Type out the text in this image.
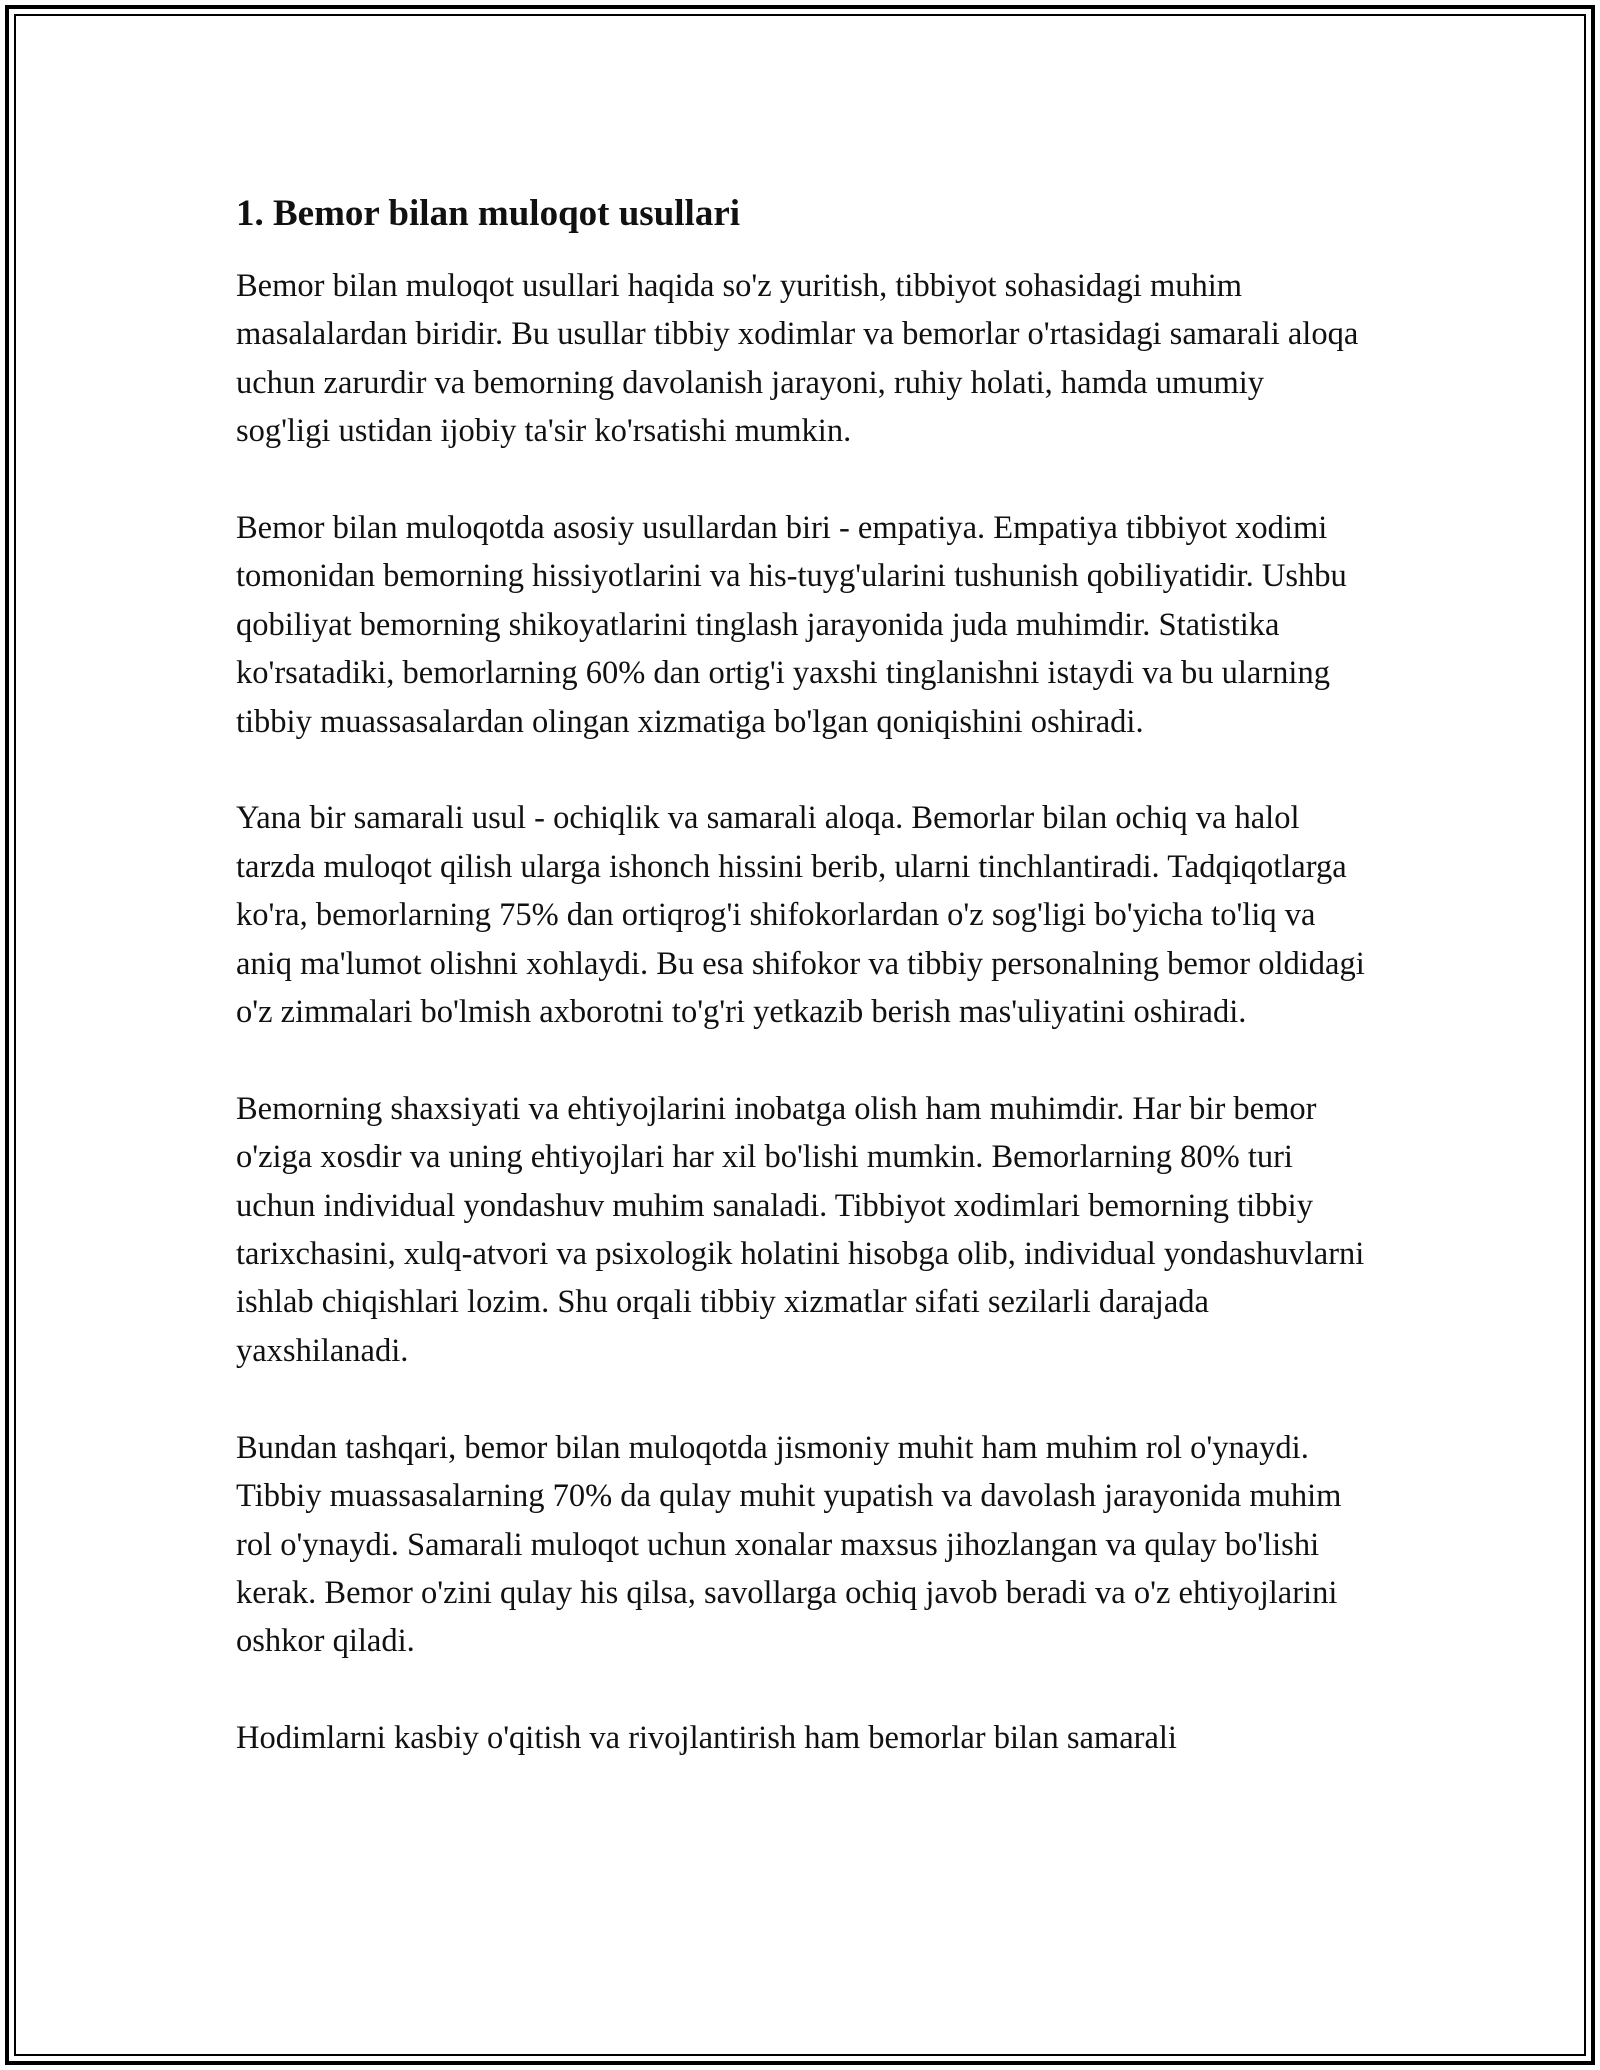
1. Bemor bilan muloqot usullari

Bemor bilan muloqot usullari haqida so'z yuritish, tibbiyot sohasidagi muhim masalalardan biridir. Bu usullar tibbiy xodimlar va bemorlar o'rtasidagi samarali aloqa uchun zarurdir va bemorning davolanish jarayoni, ruhiy holati, hamda umumiy sog'ligi ustidan ijobiy ta'sir ko'rsatishi mumkin.

Bemor bilan muloqotda asosiy usullardan biri - empatiya. Empatiya tibbiyot xodimi tomonidan bemorning hissiyotlarini va his-tuyg'ularini tushunish qobiliyatidir. Ushbu qobiliyat bemorning shikoyatlarini tinglash jarayonida juda muhimdir. Statistika ko'rsatadiki, bemorlarning 60% dan ortig'i yaxshi tinglanishni istaydi va bu ularning tibbiy muassasalardan olingan xizmatiga bo'lgan qoniqishini oshiradi.

Yana bir samarali usul - ochiqlik va samarali aloqa. Bemorlar bilan ochiq va halol tarzda muloqot qilish ularga ishonch hissini berib, ularni tinchlantiradi. Tadqiqotlarga ko'ra, bemorlarning 75% dan ortiqrog'i shifokorlardan o'z sog'ligi bo'yicha to'liq va aniq ma'lumot olishni xohlaydi. Bu esa shifokor va tibbiy personalning bemor oldidagi o'z zimmalari bo'lmish axborotni to'g'ri yetkazib berish mas'uliyatini oshiradi.

Bemorning shaxsiyati va ehtiyojlarini inobatga olish ham muhimdir. Har bir bemor o'ziga xosdir va uning ehtiyojlari har xil bo'lishi mumkin. Bemorlarning 80% turi uchun individual yondashuv muhim sanaladi. Tibbiyot xodimlari bemorning tibbiy tarixchasini, xulq-atvori va psixologik holatini hisobga olib, individual yondashuvlarni ishlab chiqishlari lozim. Shu orqali tibbiy xizmatlar sifati sezilarli darajada yaxshilanadi.

Bundan tashqari, bemor bilan muloqotda jismoniy muhit ham muhim rol o'ynaydi. Tibbiy muassasalarning 70% da qulay muhit yupatish va davolash jarayonida muhim rol o'ynaydi. Samarali muloqot uchun xonalar maxsus jihozlangan va qulay bo'lishi kerak. Bemor o'zini qulay his qilsa, savollarga ochiq javob beradi va o'z ehtiyojlarini oshkor qiladi.

Hodimlarni kasbiy o'qitish va rivojlantirish ham bemorlar bilan samarali
